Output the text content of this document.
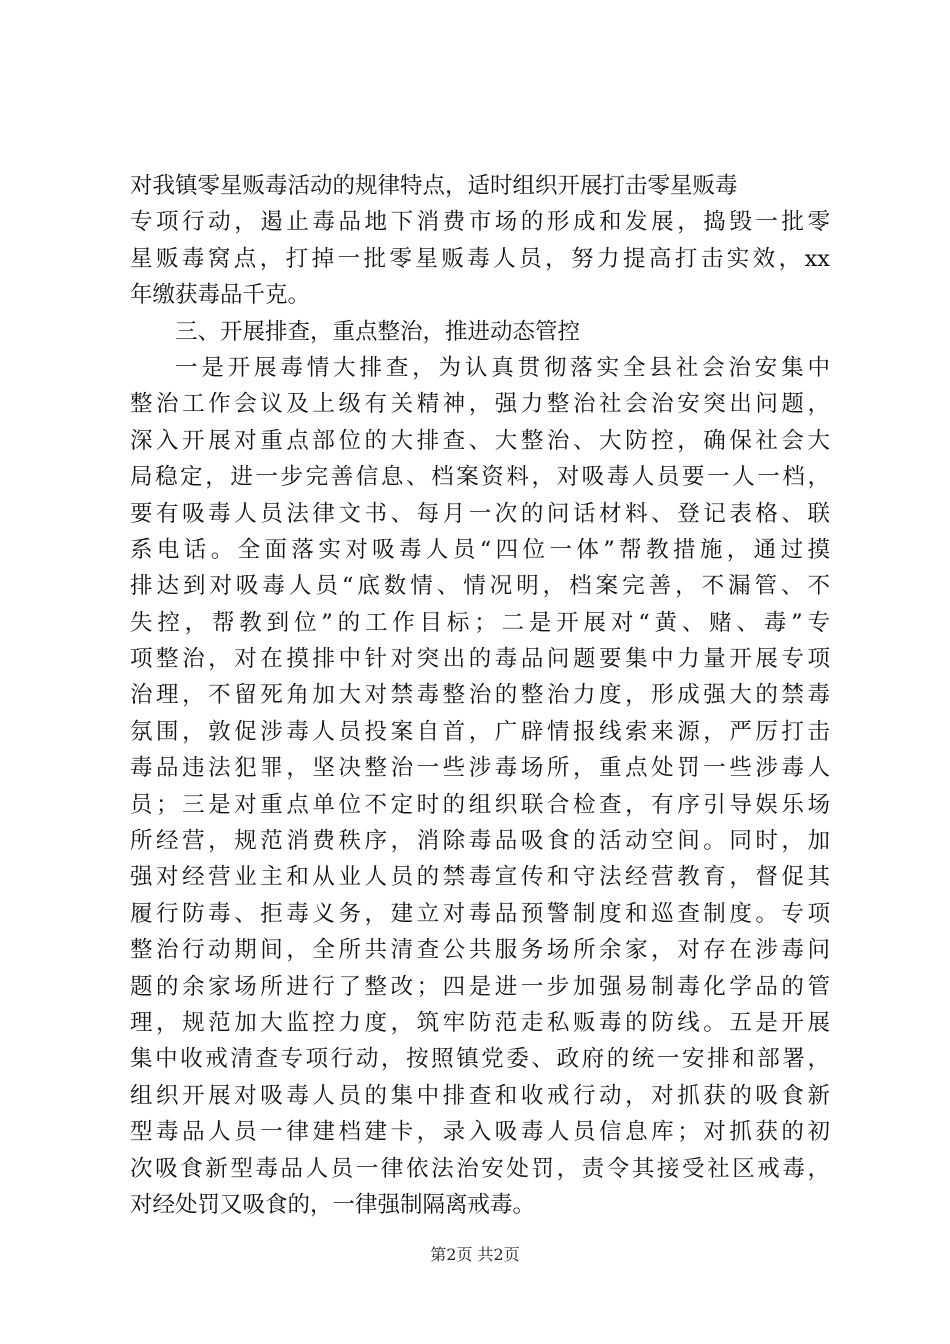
对我镇零星贩毒活动的规律特点，适时组织开展打击零星贩毒
专项行动，遏止毒品地下消费市场的形成和发展，捣毁一批零
星贩毒窝点，打掉一批零星贩毒人员，努力提高打击实效，xx
年缴获毒品千克。
三、开展排查，重点整治，推进动态管控
一是开展毒情大排查，为认真贯彻落实全县社会治安集中
整治工作会议及上级有关精神，强力整治社会治安突出问题，
深入开展对重点部位的大排查、大整治、大防控，确保社会大
局稳定，进一步完善信息、档案资料，对吸毒人员要一人一档，
要有吸毒人员法律文书、每月一次的问话材料、登记表格、联
系电话。全面落实对吸毒人员“四位一体”帮教措施，通过摸
排达到对吸毒人员“底数情、情况明，档案完善，不漏管、不
失控，帮教到位”的工作目标；二是开展对“黄、赌、毒”专
项整治，对在摸排中针对突出的毒品问题要集中力量开展专项
治理，不留死角加大对禁毒整治的整治力度，形成强大的禁毒
氛围，敦促涉毒人员投案自首，广辟情报线索来源，严厉打击
毒品违法犯罪，坚决整治一些涉毒场所，重点处罚一些涉毒人
员；三是对重点单位不定时的组织联合检查，有序引导娱乐场
所经营，规范消费秩序，消除毒品吸食的活动空间。同时，加
强对经营业主和从业人员的禁毒宣传和守法经营教育，督促其
履行防毒、拒毒义务，建立对毒品预警制度和巡查制度。专项
整治行动期间，全所共清查公共服务场所余家，对存在涉毒问
题的余家场所进行了整改；四是进一步加强易制毒化学品的管
理，规范加大监控力度，筑牢防范走私贩毒的防线。五是开展
集中收戒清查专项行动，按照镇党委、政府的统一安排和部署，
组织开展对吸毒人员的集中排查和收戒行动，对抓获的吸食新
型毒品人员一律建档建卡，录入吸毒人员信息库；对抓获的初
次吸食新型毒品人员一律依法治安处罚，责令其接受社区戒毒，
对经处罚又吸食的，一律强制隔离戒毒。
第2页 共2页
